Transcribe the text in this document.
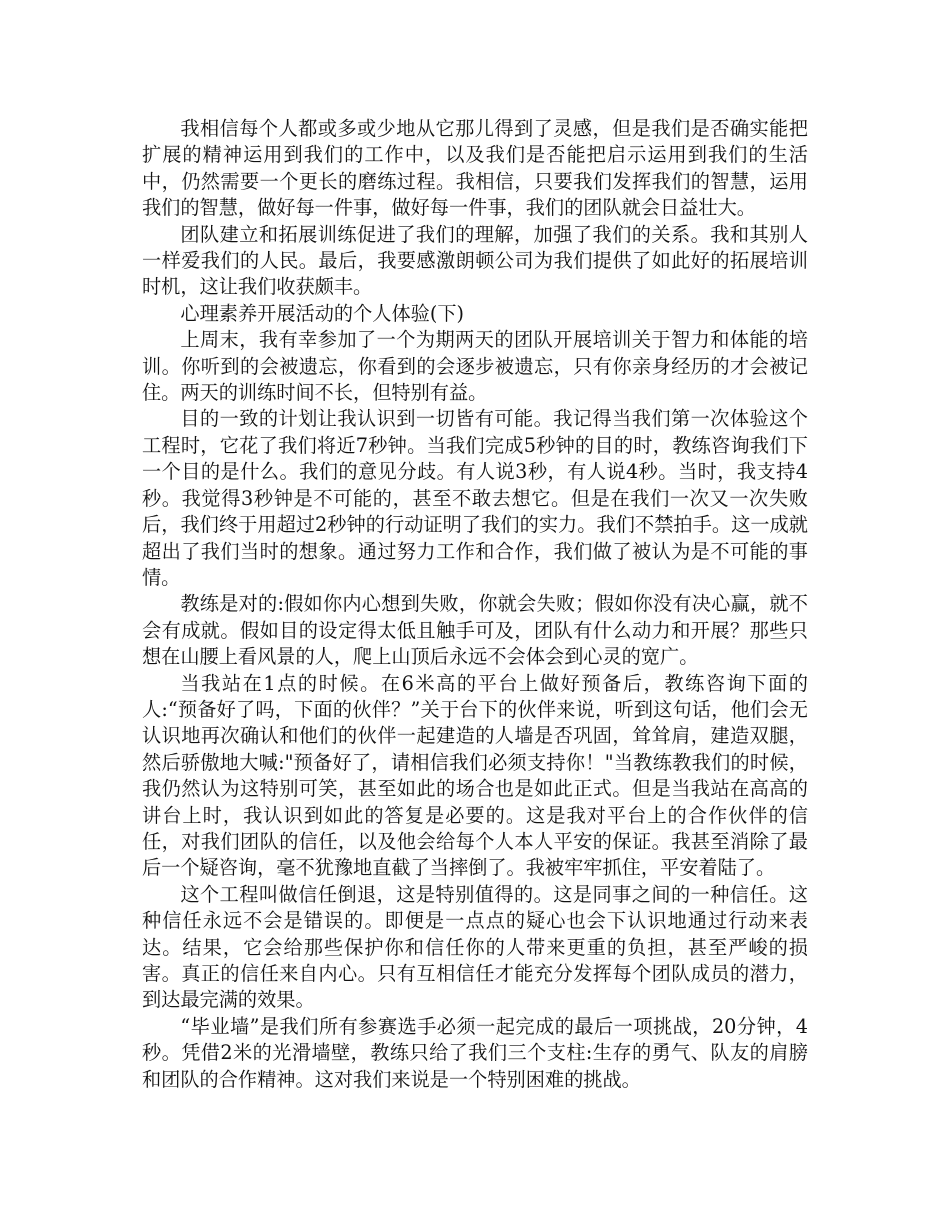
我相信每个人都或多或少地从它那儿得到了灵感，但是我们是否确实能把扩展的精神运用到我们的工作中，以及我们是否能把启示运用到我们的生活中，仍然需要一个更长的磨练过程。我相信，只要我们发挥我们的智慧，运用我们的智慧，做好每一件事，做好每一件事，我们的团队就会日益壮大。

团队建立和拓展训练促进了我们的理解，加强了我们的关系。我和其别人一样爱我们的人民。最后，我要感激朗顿公司为我们提供了如此好的拓展培训时机，这让我们收获颇丰。

心理素养开展活动的个人体验(下)

上周末，我有幸参加了一个为期两天的团队开展培训关于智力和体能的培训。你听到的会被遗忘，你看到的会逐步被遗忘，只有你亲身经历的才会被记住。两天的训练时间不长，但特别有益。

目的一致的计划让我认识到一切皆有可能。我记得当我们第一次体验这个工程时，它花了我们将近7秒钟。当我们完成5秒钟的目的时，教练咨询我们下一个目的是什么。我们的意见分歧。有人说3秒，有人说4秒。当时，我支持4秒。我觉得3秒钟是不可能的，甚至不敢去想它。但是在我们一次又一次失败后，我们终于用超过2秒钟的行动证明了我们的实力。我们不禁拍手。这一成就超出了我们当时的想象。通过努力工作和合作，我们做了被认为是不可能的事情。

教练是对的:假如你内心想到失败，你就会失败；假如你没有决心赢，就不会有成就。假如目的设定得太低且触手可及，团队有什么动力和开展？那些只想在山腰上看风景的人，爬上山顶后永远不会体会到心灵的宽广。

当我站在1点的时候。在6米高的平台上做好预备后，教练咨询下面的人:“预备好了吗，下面的伙伴？”关于台下的伙伴来说，听到这句话，他们会无认识地再次确认和他们的伙伴一起建造的人墙是否巩固，耸耸肩，建造双腿，然后骄傲地大喊:"预备好了，请相信我们必须支持你！"当教练教我们的时候，我仍然认为这特别可笑，甚至如此的场合也是如此正式。但是当我站在高高的讲台上时，我认识到如此的答复是必要的。这是我对平台上的合作伙伴的信任，对我们团队的信任，以及他会给每个人本人平安的保证。我甚至消除了最后一个疑咨询，毫不犹豫地直截了当摔倒了。我被牢牢抓住，平安着陆了。

这个工程叫做信任倒退，这是特别值得的。这是同事之间的一种信任。这种信任永远不会是错误的。即便是一点点的疑心也会下认识地通过行动来表达。结果，它会给那些保护你和信任你的人带来更重的负担，甚至严峻的损害。真正的信任来自内心。只有互相信任才能充分发挥每个团队成员的潜力，到达最完满的效果。

“毕业墙”是我们所有参赛选手必须一起完成的最后一项挑战，20分钟，4秒。凭借2米的光滑墙壁，教练只给了我们三个支柱:生存的勇气、队友的肩膀和团队的合作精神。这对我们来说是一个特别困难的挑战。
